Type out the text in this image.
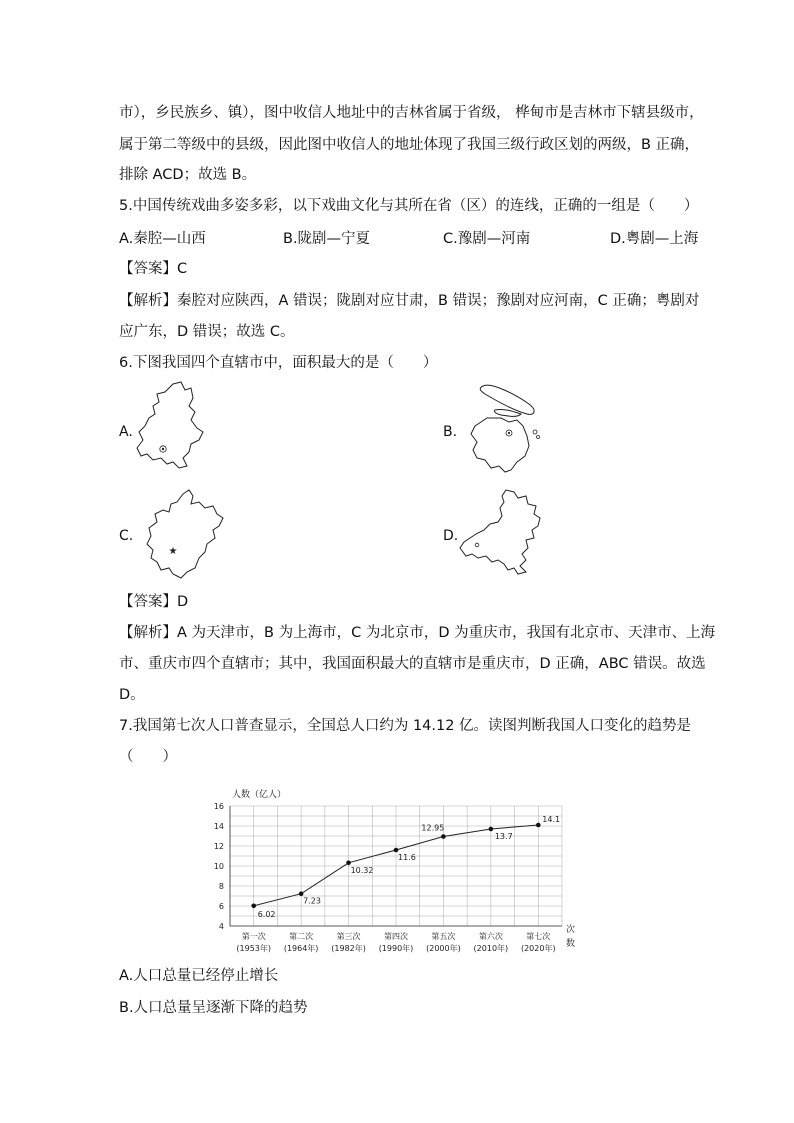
市），乡民族乡、镇），图中收信人地址中的吉林省属于省级， 桦甸市是吉林市下辖县级市，
属于第二等级中的县级，因此图中收信人的地址体现了我国三级行政区划的两级，B 正确，
排除 ACD；故选 B。
5.中国传统戏曲多姿多彩，以下戏曲文化与其所在省（区）的连线，正确的一组是（　　）
A.秦腔—山西	B.陇剧—宁夏	C.豫剧—河南	D.粤剧—上海
【答案】C
【解析】秦腔对应陕西，A 错误；陇剧对应甘肃，B 错误；豫剧对应河南，C 正确；粤剧对
应广东，D 错误；故选 C。
6.下图我国四个直辖市中，面积最大的是（　　）
A.	B.
C.	D.
★
【答案】D
【解析】A 为天津市，B 为上海市，C 为北京市，D 为重庆市，我国有北京市、天津市、上海
市、重庆市四个直辖市；其中，我国面积最大的直辖市是重庆市，D 正确，ABC 错误。故选
D。
7.我国第七次人口普查显示，全国总人口约为 14.12 亿。读图判断我国人口变化的趋势是
（　　）
人数（亿人）
次
数
4
6
8
10
12
14
16
第一次
(1953年)
第二次
(1964年)
第三次
(1982年)
第四次
(1990年)
第五次
(2000年)
第六次
(2010年)
第七次
(2020年)
6.02
7.23
10.32
11.6
12.95
13.7
14.1
A.人口总量已经停止增长
B.人口总量呈逐渐下降的趋势
